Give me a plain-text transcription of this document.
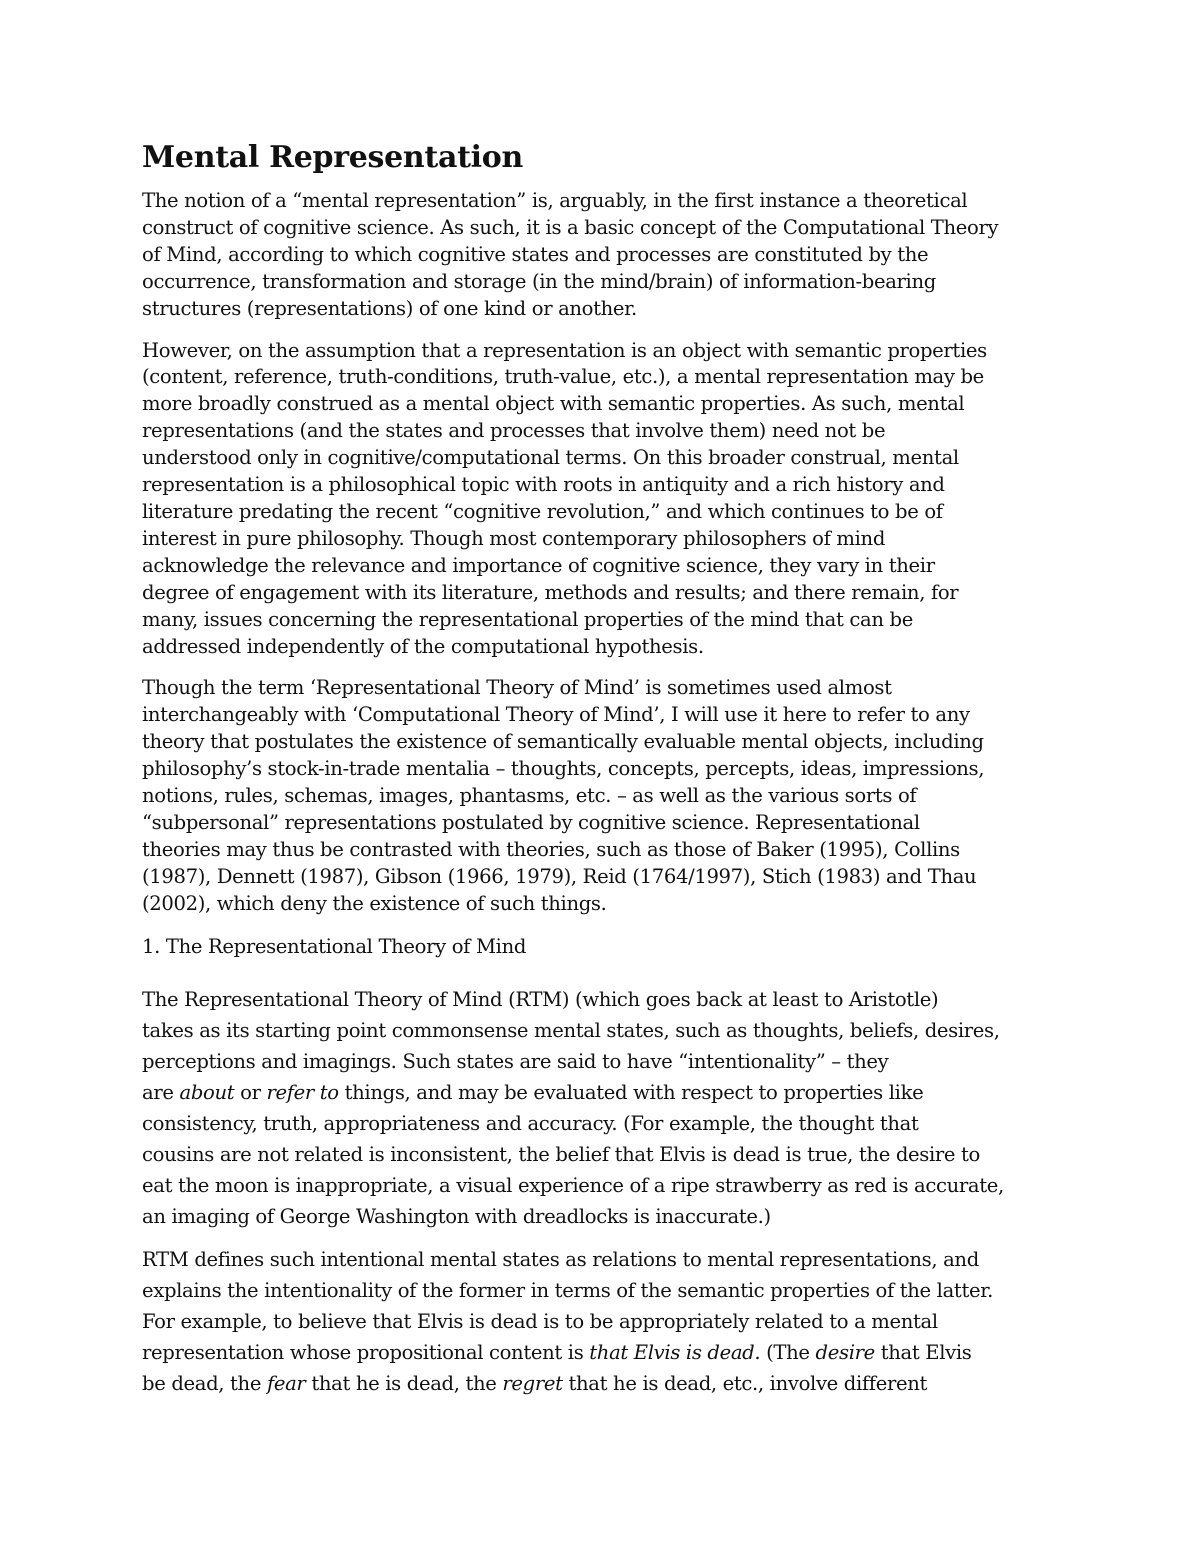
Mental Representation

The notion of a “mental representation” is, arguably, in the first instance a theoretical
construct of cognitive science. As such, it is a basic concept of the Computational Theory
of Mind, according to which cognitive states and processes are constituted by the
occurrence, transformation and storage (in the mind/brain) of information-bearing
structures (representations) of one kind or another.

However, on the assumption that a representation is an object with semantic properties
(content, reference, truth-conditions, truth-value, etc.), a mental representation may be
more broadly construed as a mental object with semantic properties. As such, mental
representations (and the states and processes that involve them) need not be
understood only in cognitive/computational terms. On this broader construal, mental
representation is a philosophical topic with roots in antiquity and a rich history and
literature predating the recent “cognitive revolution,” and which continues to be of
interest in pure philosophy. Though most contemporary philosophers of mind
acknowledge the relevance and importance of cognitive science, they vary in their
degree of engagement with its literature, methods and results; and there remain, for
many, issues concerning the representational properties of the mind that can be
addressed independently of the computational hypothesis.

Though the term ‘Representational Theory of Mind’ is sometimes used almost
interchangeably with ‘Computational Theory of Mind’, I will use it here to refer to any
theory that postulates the existence of semantically evaluable mental objects, including
philosophy’s stock-in-trade mentalia – thoughts, concepts, percepts, ideas, impressions,
notions, rules, schemas, images, phantasms, etc. – as well as the various sorts of
“subpersonal” representations postulated by cognitive science. Representational
theories may thus be contrasted with theories, such as those of Baker (1995), Collins
(1987), Dennett (1987), Gibson (1966, 1979), Reid (1764/1997), Stich (1983) and Thau
(2002), which deny the existence of such things.

1. The Representational Theory of Mind

The Representational Theory of Mind (RTM) (which goes back at least to Aristotle)
takes as its starting point commonsense mental states, such as thoughts, beliefs, desires,
perceptions and imagings. Such states are said to have “intentionality” – they
are about or refer to things, and may be evaluated with respect to properties like
consistency, truth, appropriateness and accuracy. (For example, the thought that
cousins are not related is inconsistent, the belief that Elvis is dead is true, the desire to
eat the moon is inappropriate, a visual experience of a ripe strawberry as red is accurate,
an imaging of George Washington with dreadlocks is inaccurate.)

RTM defines such intentional mental states as relations to mental representations, and
explains the intentionality of the former in terms of the semantic properties of the latter.
For example, to believe that Elvis is dead is to be appropriately related to a mental
representation whose propositional content is that Elvis is dead. (The desire that Elvis
be dead, the fear that he is dead, the regret that he is dead, etc., involve different
